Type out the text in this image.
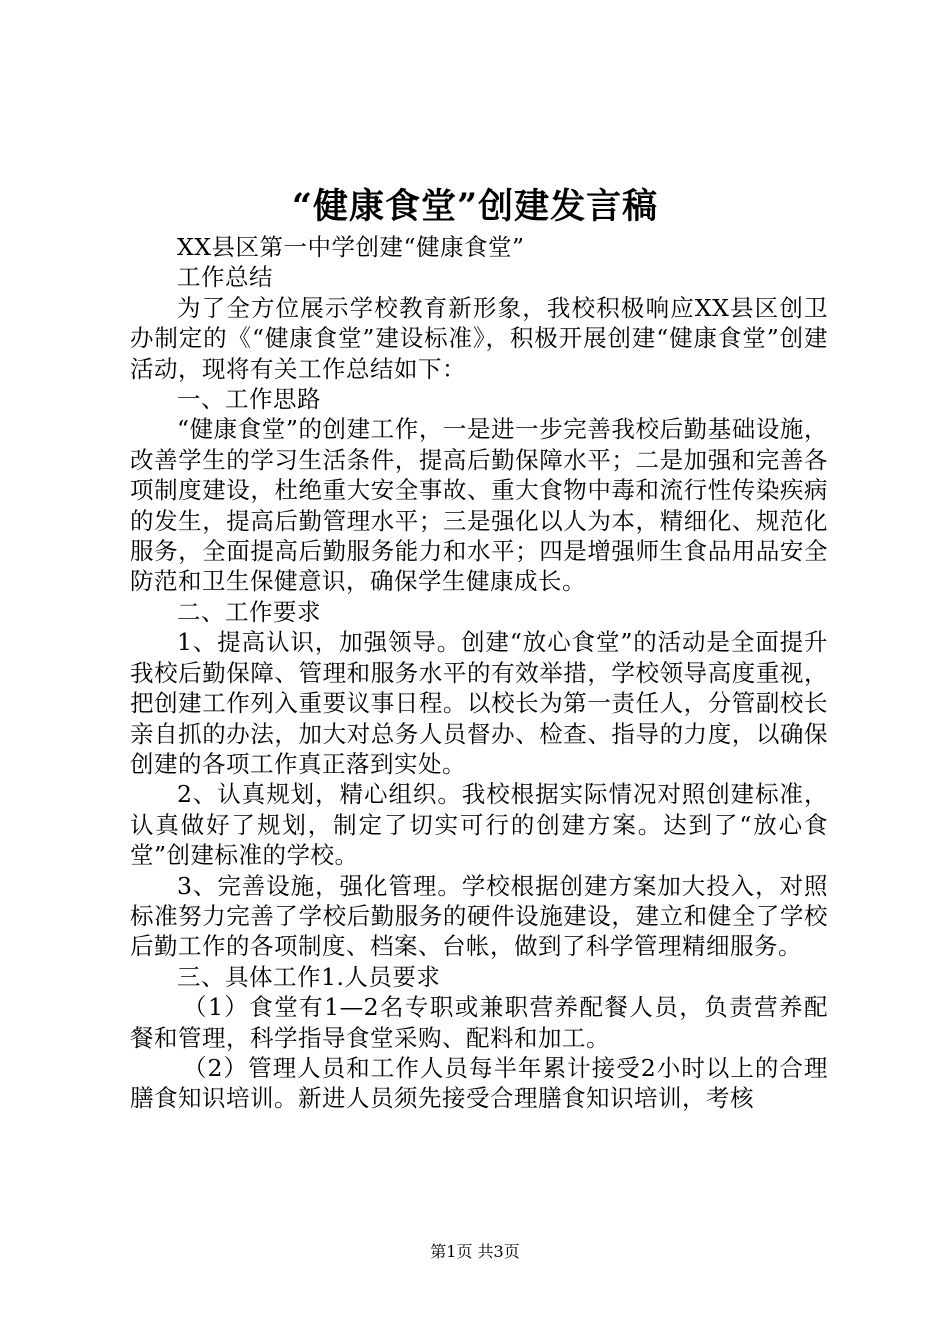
“健康食堂”创建发言稿

XX县区第一中学创建“健康食堂”

工作总结

为了全方位展示学校教育新形象，我校积极响应XX县区创卫办制定的《“健康食堂”建设标准》，积极开展创建“健康食堂”创建活动，现将有关工作总结如下：

一、工作思路

“健康食堂”的创建工作，一是进一步完善我校后勤基础设施，改善学生的学习生活条件，提高后勤保障水平；二是加强和完善各项制度建设，杜绝重大安全事故、重大食物中毒和流行性传染疾病的发生，提高后勤管理水平；三是强化以人为本，精细化、规范化服务，全面提高后勤服务能力和水平；四是增强师生食品用品安全防范和卫生保健意识，确保学生健康成长。

二、工作要求

1、提高认识，加强领导。创建“放心食堂”的活动是全面提升我校后勤保障、管理和服务水平的有效举措，学校领导高度重视，把创建工作列入重要议事日程。以校长为第一责任人，分管副校长亲自抓的办法，加大对总务人员督办、检查、指导的力度，以确保创建的各项工作真正落到实处。

2、认真规划，精心组织。我校根据实际情况对照创建标准，认真做好了规划，制定了切实可行的创建方案。达到了“放心食堂”创建标准的学校。

3、完善设施，强化管理。学校根据创建方案加大投入，对照标准努力完善了学校后勤服务的硬件设施建设，建立和健全了学校后勤工作的各项制度、档案、台帐，做到了科学管理精细服务。

三、具体工作1.人员要求

（1）食堂有1—2名专职或兼职营养配餐人员，负责营养配餐和管理，科学指导食堂采购、配料和加工。

（2）管理人员和工作人员每半年累计接受2小时以上的合理膳食知识培训。新进人员须先接受合理膳食知识培训，考核

第1页 共3页
